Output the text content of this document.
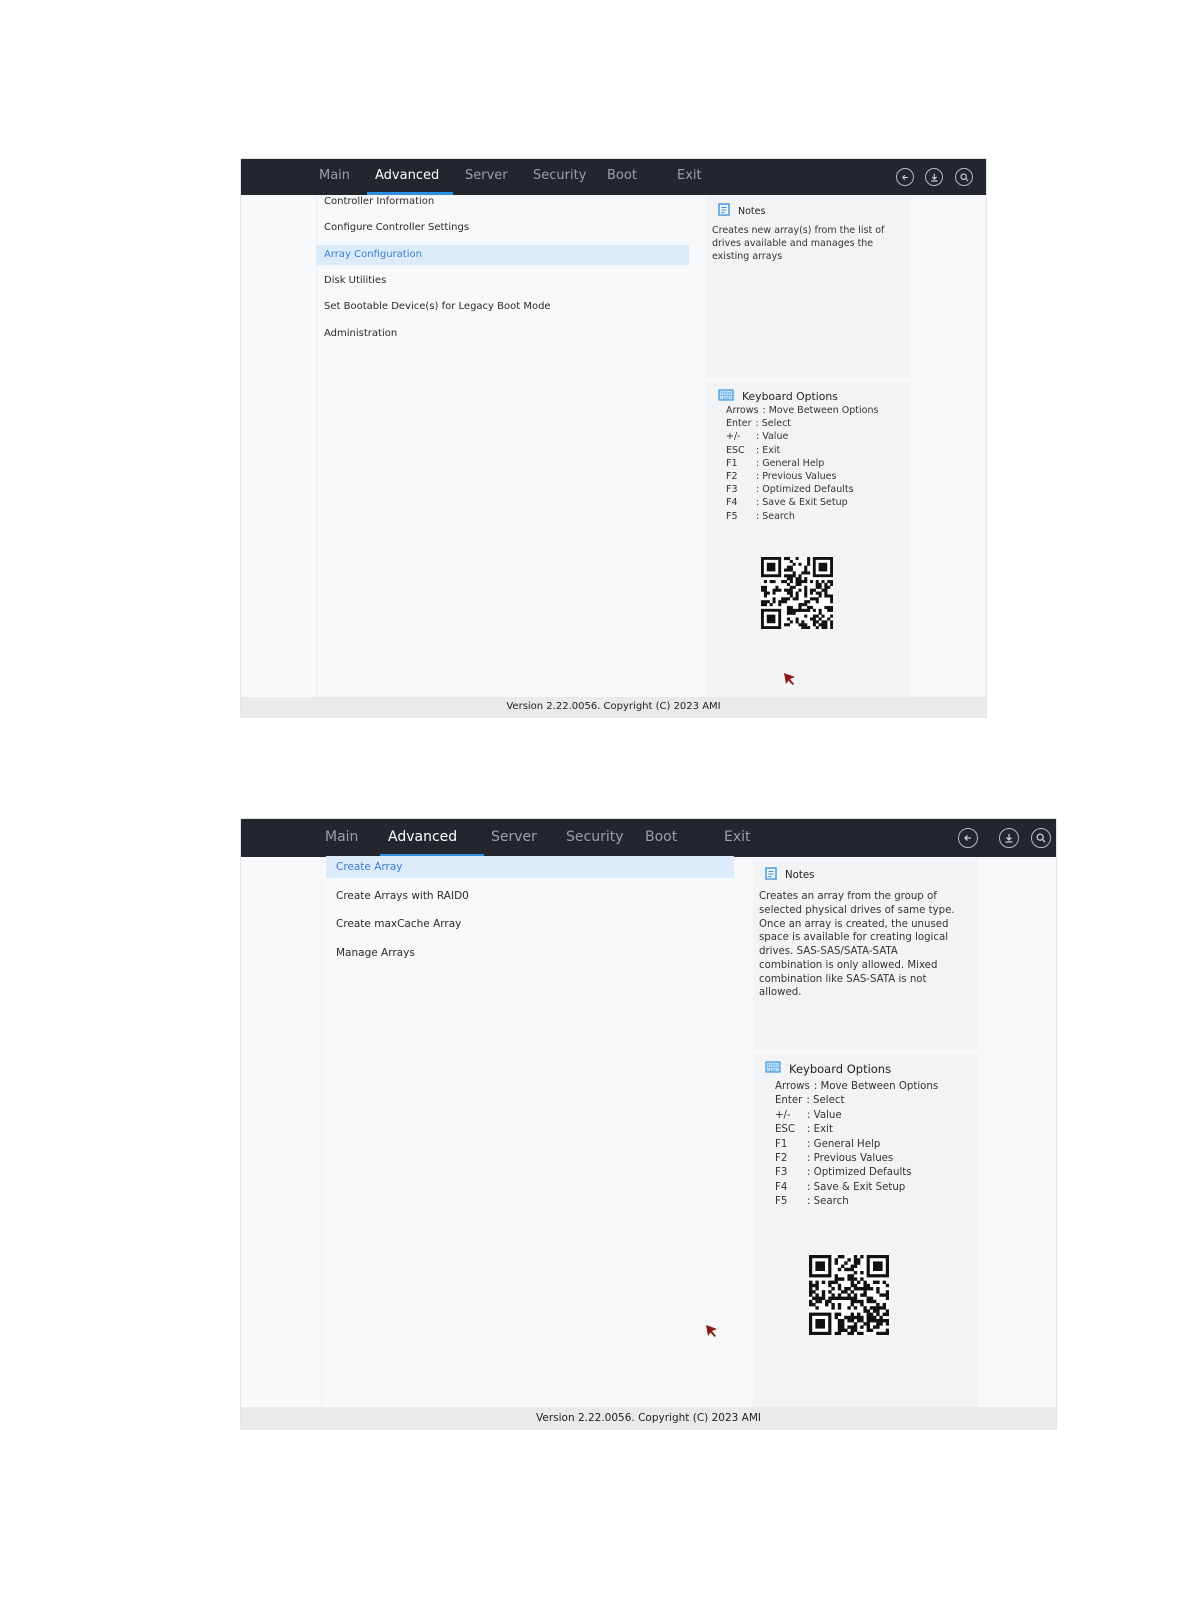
Main Advanced Server Security Boot	Exit
Controller Information
Configure Controller Settings
Array Configuration
Disk Utilities
Set Bootable Device(s) for Legacy Boot Mode
Administration
Notes
Creates new array(s) from the list of drives available and manages the existing arrays
Keyboard Options
Arrows : Move Between Options
Enter : Select
+/-	: Value
ESC	: Exit
F1	: General Help
F2	: Previous Values
F3	: Optimized Defaults
F4	: Save & Exit Setup
F5	: Search
Version 2.22.0056. Copyright (C) 2023 AMI
Main Advanced Server Security Boot	Exit
Create Array
Create Arrays with RAID0
Create maxCache Array
Manage Arrays
Notes
Creates an array from the group of selected physical drives of same type. Once an array is created, the unused space is available for creating logical drives. SAS-SAS/SATA-SATA combination is only allowed. Mixed combination like SAS-SATA is not allowed.
Keyboard Options
Arrows : Move Between Options
Enter : Select
+/-	: Value
ESC	: Exit
F1	: General Help
F2	: Previous Values
F3	: Optimized Defaults
F4	: Save & Exit Setup
F5	: Search
Version 2.22.0056. Copyright (C) 2023 AMI
